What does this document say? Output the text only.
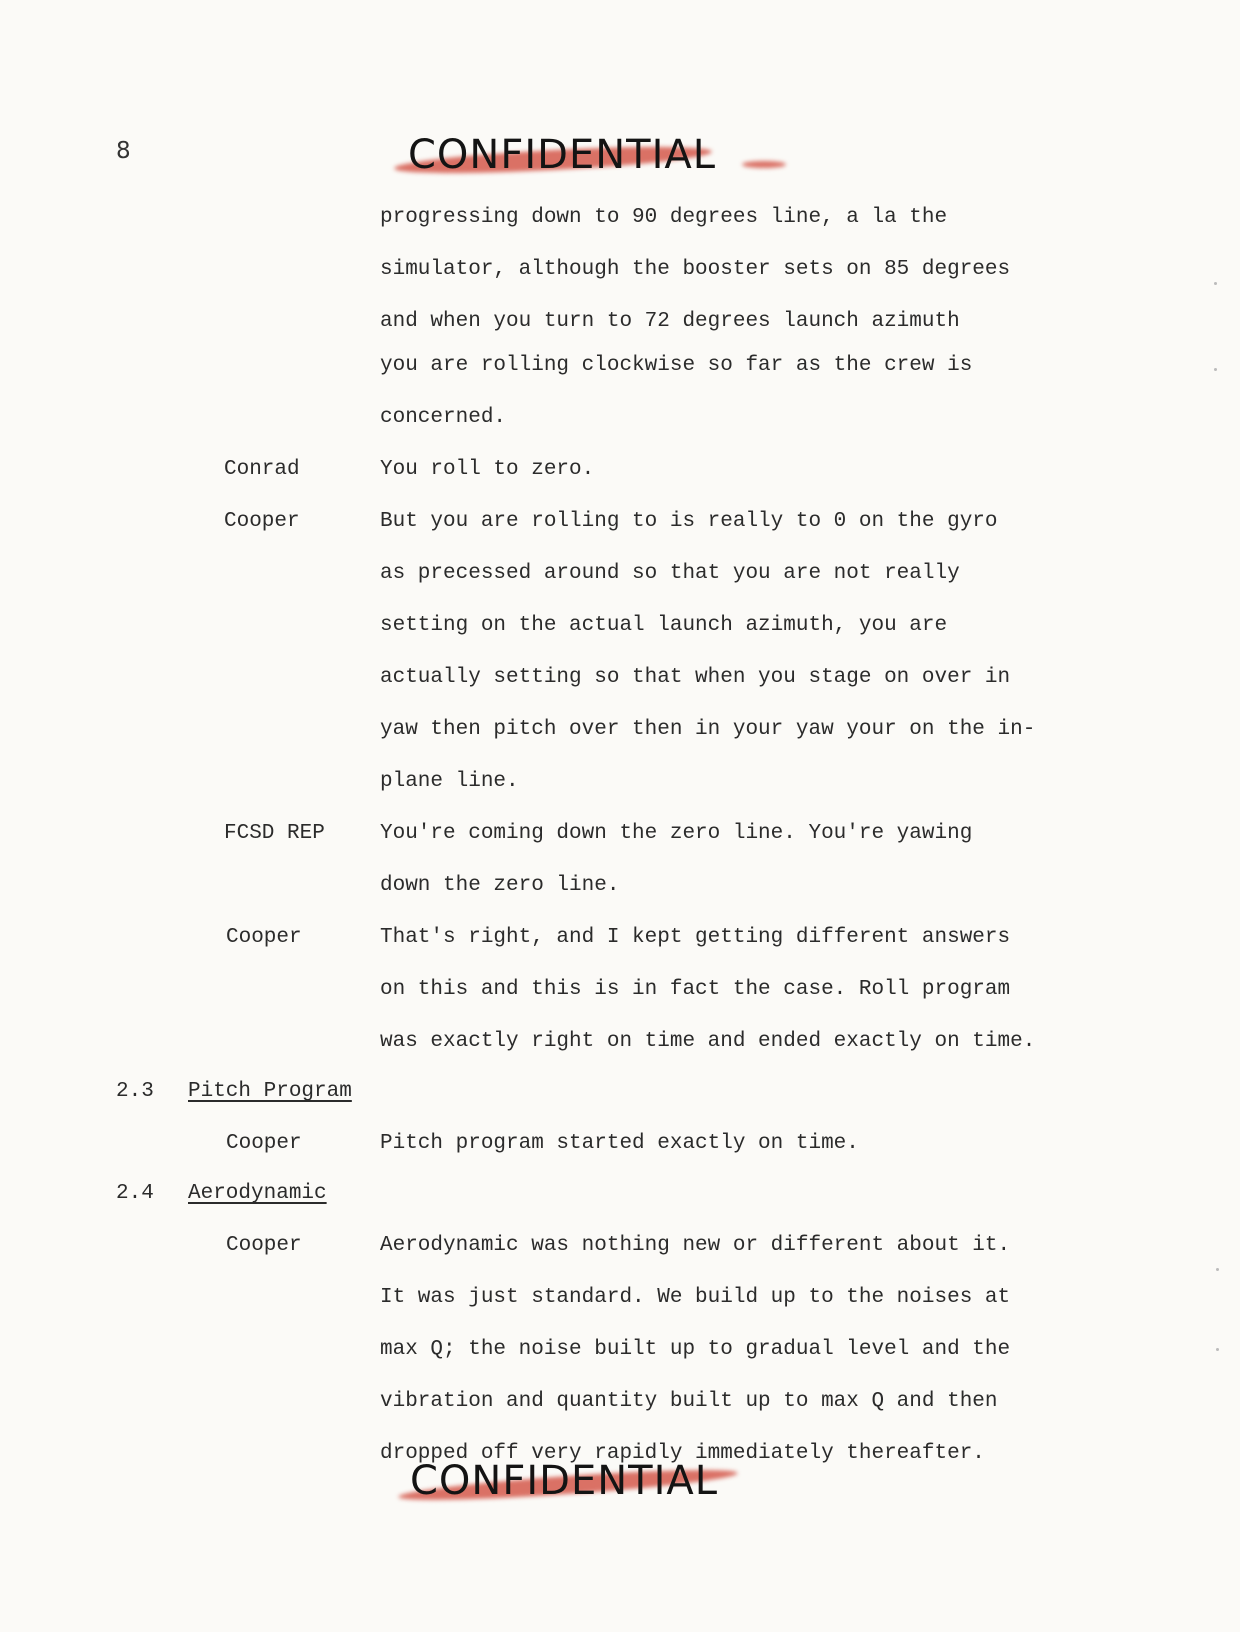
8	CONFIDENTIAL
progressing down to 90 degrees line, a la the
simulator, although the booster sets on 85 degrees
and when you turn to 72 degrees launch azimuth
you are rolling clockwise so far as the crew is
concerned.
Conrad	You roll to zero.
Cooper	But you are rolling to is really to 0 on the gyro
as precessed around so that you are not really
setting on the actual launch azimuth, you are
actually setting so that when you stage on over in
yaw then pitch over then in your yaw your on the in-
plane line.
FCSD REP	You're coming down the zero line. You're yawing
down the zero line.
Cooper	That's right, and I kept getting different answers
on this and this is in fact the case. Roll program
was exactly right on time and ended exactly on time.
2.3 Pitch Program
Cooper	Pitch program started exactly on time.
2.4 Aerodynamic
Cooper	Aerodynamic was nothing new or different about it.
It was just standard. We build up to the noises at
max Q; the noise built up to gradual level and the
vibration and quantity built up to max Q and then
dropped off very rapidly immediately thereafter.
CONFIDENTIAL
